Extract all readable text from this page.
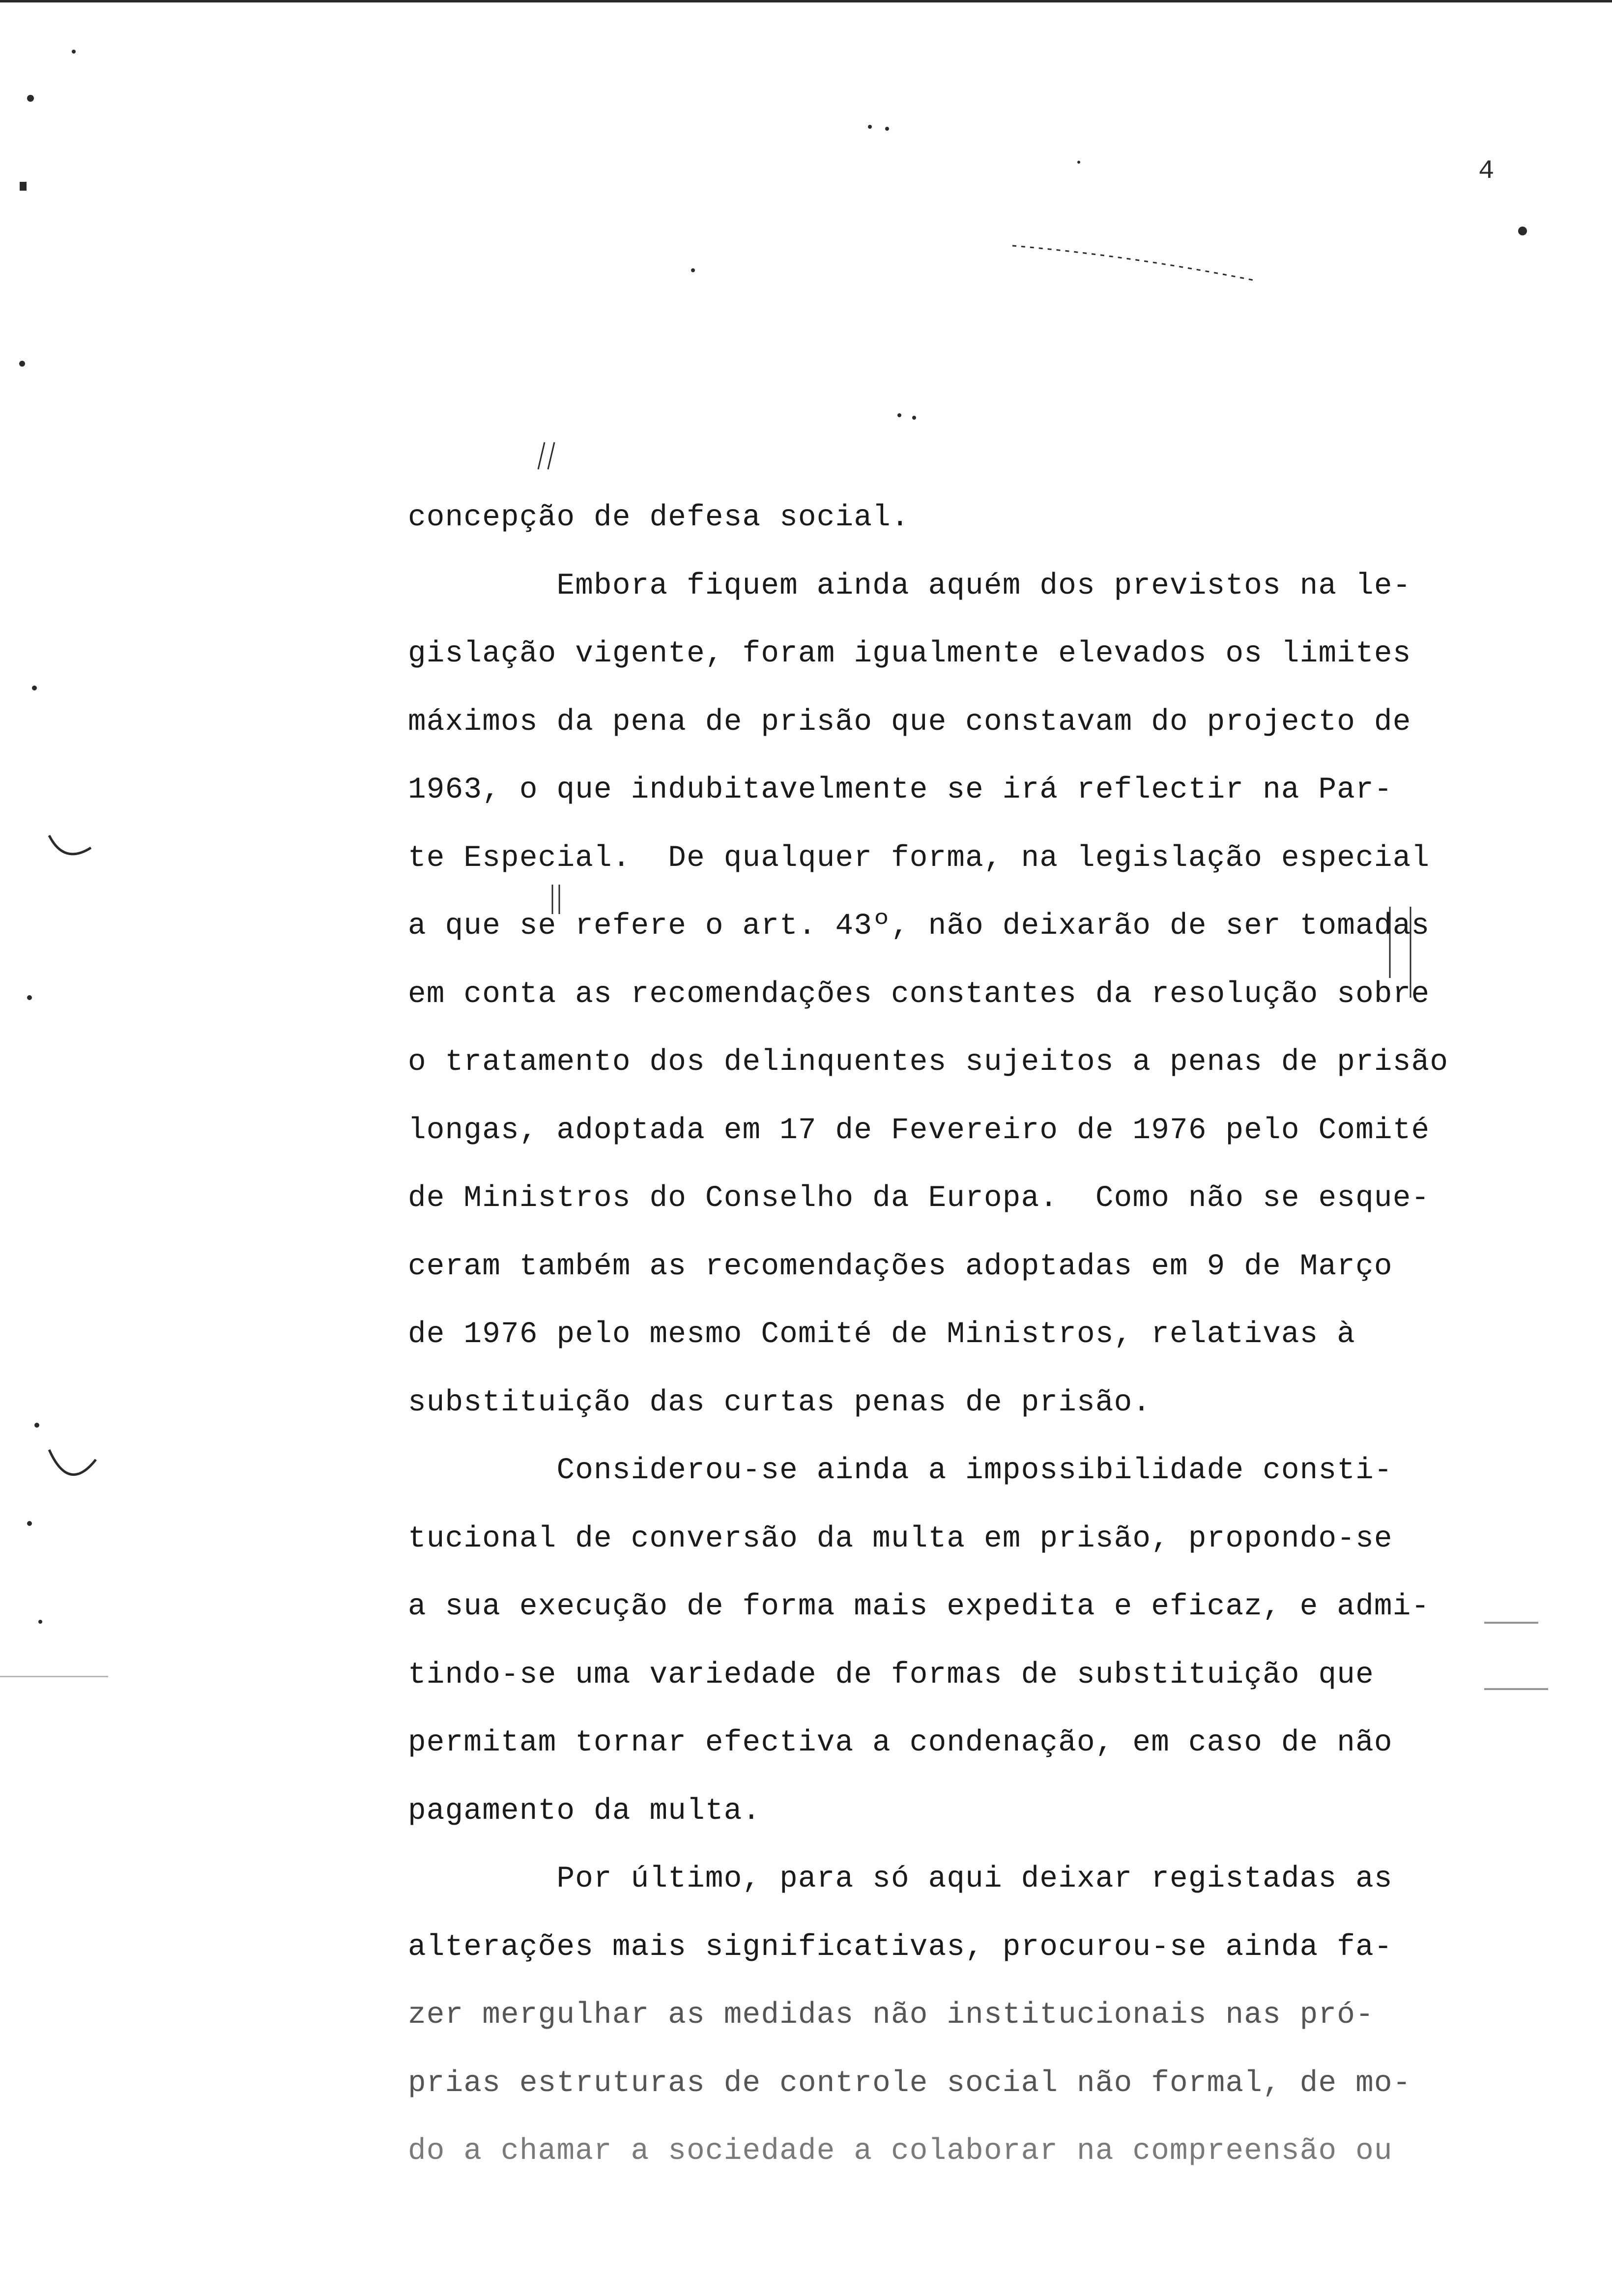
4
concepção de defesa social.
Embora fiquem ainda aquém dos previstos na le-
gislação vigente, foram igualmente elevados os limites
máximos da pena de prisão que constavam do projecto de
1963, o que indubitavelmente se irá reflectir na Par-
te Especial.  De qualquer forma, na legislação especial
a que se refere o art. 43º, não deixarão de ser tomadas
em conta as recomendações constantes da resolução sobre
o tratamento dos delinquentes sujeitos a penas de prisão
longas, adoptada em 17 de Fevereiro de 1976 pelo Comité
de Ministros do Conselho da Europa.  Como não se esque-
ceram também as recomendações adoptadas em 9 de Março
de 1976 pelo mesmo Comité de Ministros, relativas à
substituição das curtas penas de prisão.
Considerou-se ainda a impossibilidade consti-
tucional de conversão da multa em prisão, propondo-se
a sua execução de forma mais expedita e eficaz, e admi-
tindo-se uma variedade de formas de substituição que
permitam tornar efectiva a condenação, em caso de não
pagamento da multa.
Por último, para só aqui deixar registadas as
alterações mais significativas, procurou-se ainda fa-
zer mergulhar as medidas não institucionais nas pró-
prias estruturas de controle social não formal, de mo-
do a chamar a sociedade a colaborar na compreensão ou
